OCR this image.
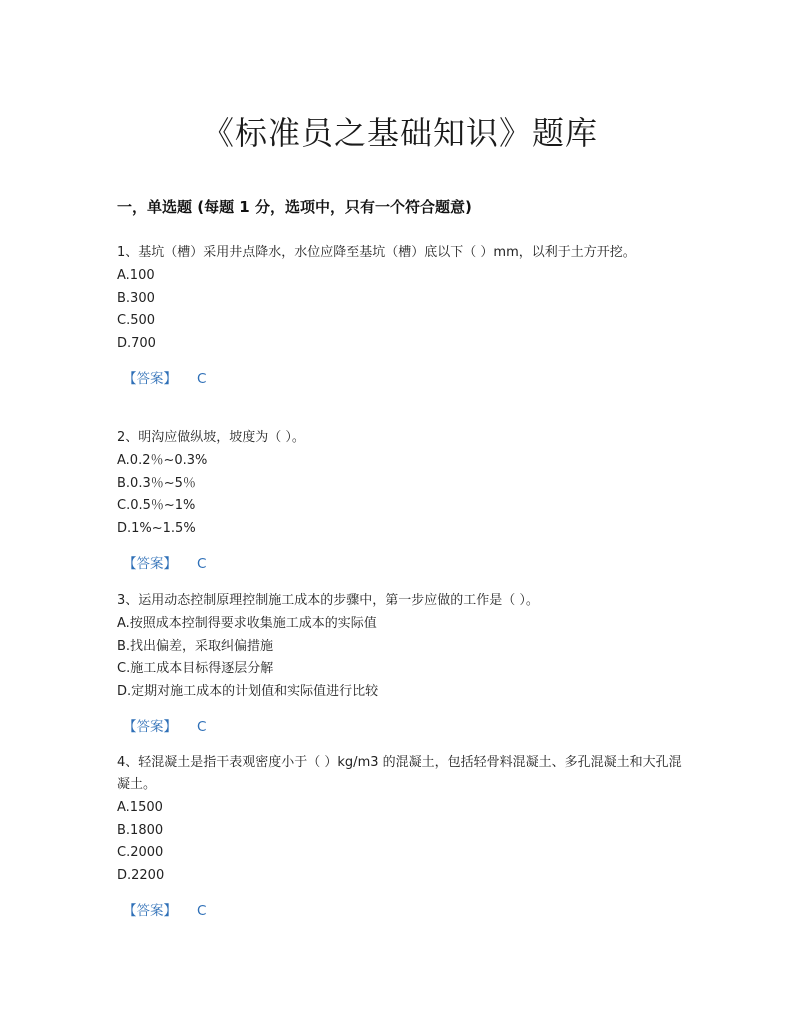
《标准员之基础知识》题库
一，单选题 (每题 1 分，选项中，只有一个符合题意)
1、基坑（槽）采用井点降水，水位应降至基坑（槽）底以下（ ）mm，以利于土方开挖。
A.100
B.300
C.500
D.700
【答案】 C
2、明沟应做纵坡，坡度为（ ）。
A.0.2％~0.3%
B.0.3％~5％
C.0.5％~1%
D.1%~1.5%
【答案】 C
3、运用动态控制原理控制施工成本的步骤中，第一步应做的工作是（ ）。
A.按照成本控制得要求收集施工成本的实际值
B.找出偏差，采取纠偏措施
C.施工成本目标得逐层分解
D.定期对施工成本的计划值和实际值进行比较
【答案】 C
4、轻混凝土是指干表观密度小于（ ）kg/m3 的混凝土，包括轻骨料混凝土、多孔混凝土和大孔混凝土。
A.1500
B.1800
C.2000
D.2200
【答案】 C
